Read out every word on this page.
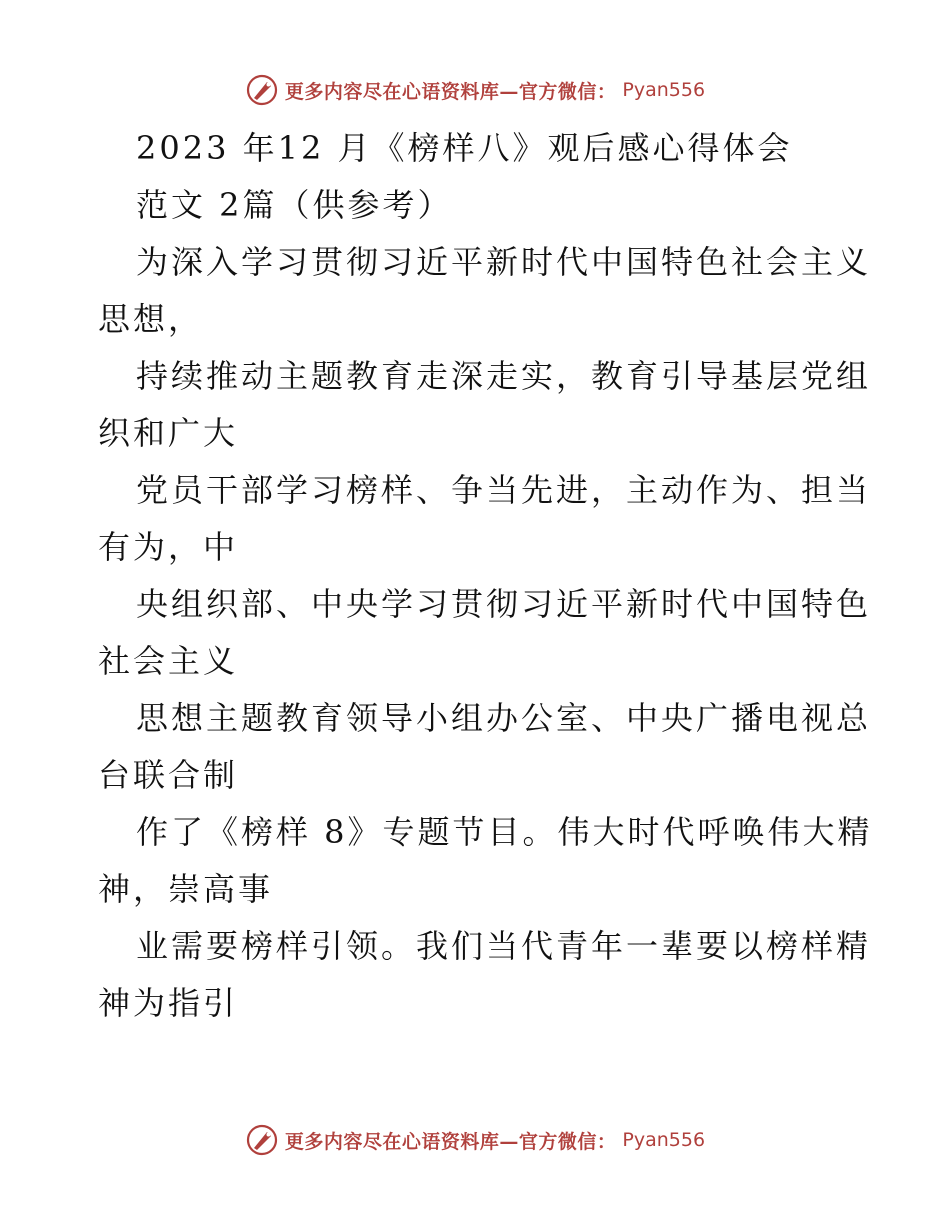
更多内容尽在心语资料库—官方微信： Pyan556
2023 年12 月《榜样八》观后感心得体会
范文 2篇（供参考）
为深入学习贯彻习近平新时代中国特色社会主义
思想，
持续推动主题教育走深走实，教育引导基层党组
织和广大
党员干部学习榜样、争当先进，主动作为、担当
有为，中
央组织部、中央学习贯彻习近平新时代中国特色
社会主义
思想主题教育领导小组办公室、中央广播电视总
台联合制
作了《榜样 8》专题节目。伟大时代呼唤伟大精
神，崇高事
业需要榜样引领。我们当代青年一辈要以榜样精
神为指引
更多内容尽在心语资料库—官方微信： Pyan556
